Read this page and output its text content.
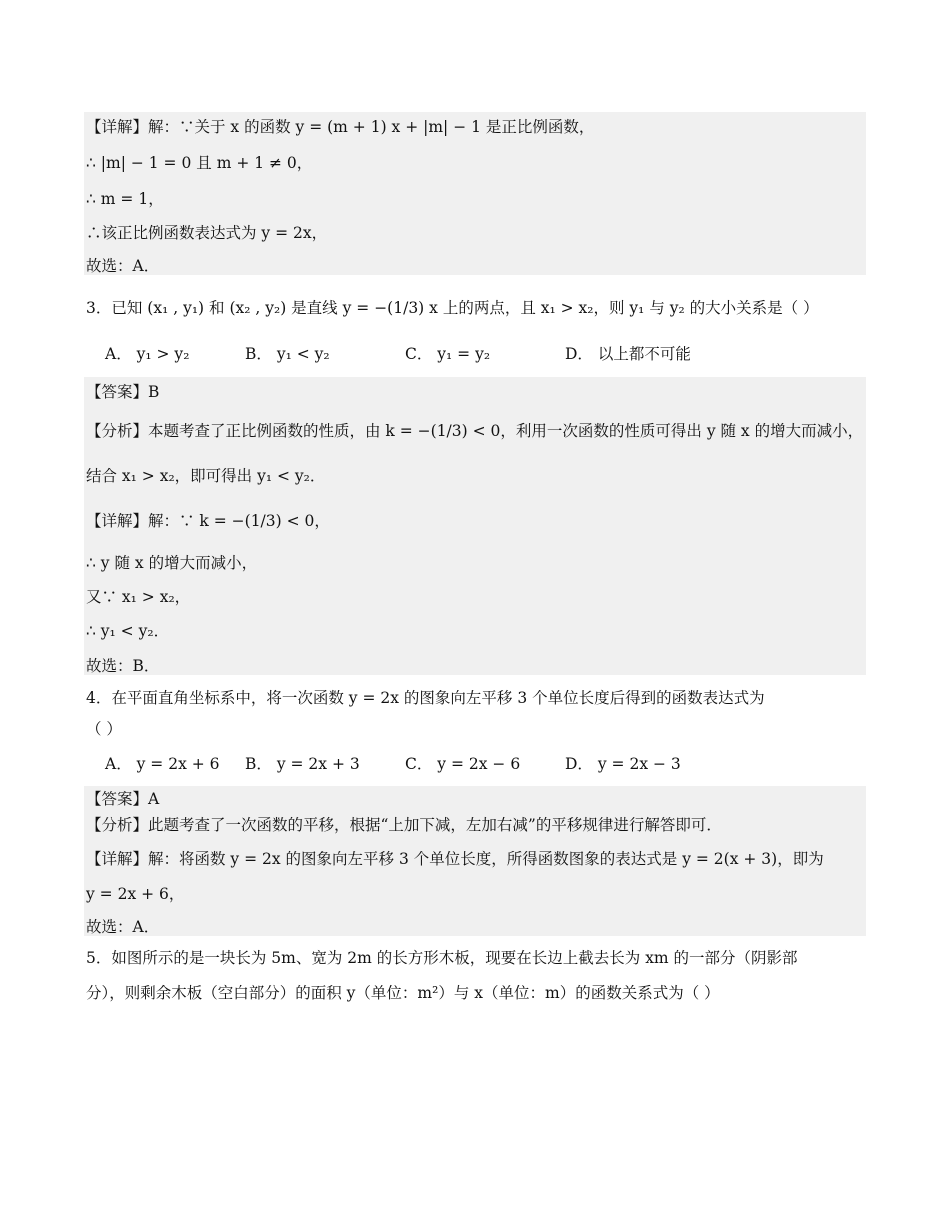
【详解】解：∵关于 x 的函数 y = (m + 1) x + |m| − 1 是正比例函数，
∴ |m| − 1 = 0 且 m + 1 ≠ 0，
∴ m = 1，
∴该正比例函数表达式为 y = 2x，
故选：A．
3．已知 (x₁ , y₁) 和 (x₂ , y₂) 是直线 y = −(1/3) x 上的两点，且 x₁ > x₂，则 y₁ 与 y₂ 的大小关系是（ ）
A． y₁ > y₂	B． y₁ < y₂	C． y₁ = y₂	D． 以上都不可能
【答案】B
【分析】本题考查了正比例函数的性质，由 k = −(1/3) < 0，利用一次函数的性质可得出 y 随 x 的增大而减小，
结合 x₁ > x₂，即可得出 y₁ < y₂．
【详解】解：∵ k = −(1/3) < 0，
∴ y 随 x 的增大而减小，
又∵ x₁ > x₂，
∴ y₁ < y₂．
故选：B．
4．在平面直角坐标系中，将一次函数 y = 2x 的图象向左平移 3 个单位长度后得到的函数表达式为
（ ）
A． y = 2x + 6 B． y = 2x + 3	C． y = 2x − 6	D． y = 2x − 3
【答案】A
【分析】此题考查了一次函数的平移，根据“上加下减，左加右减”的平移规律进行解答即可．
【详解】解：将函数 y = 2x 的图象向左平移 3 个单位长度，所得函数图象的表达式是 y = 2(x + 3)，即为
y = 2x + 6，
故选：A．
5．如图所示的是一块长为 5m、宽为 2m 的长方形木板，现要在长边上截去长为 xm 的一部分（阴影部
分），则剩余木板（空白部分）的面积 y（单位：m²）与 x（单位：m）的函数关系式为（ ）
